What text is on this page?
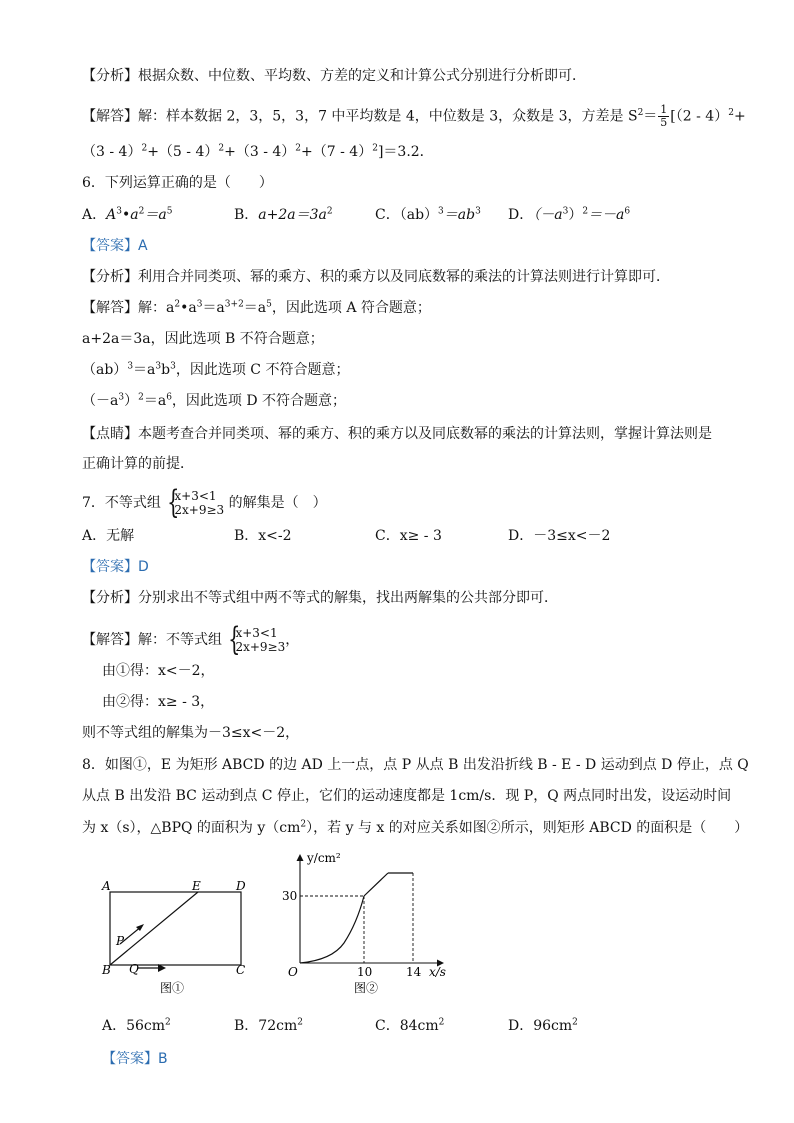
【分析】根据众数、中位数、平均数、方差的定义和计算公式分别进行分析即可．
【解答】解：样本数据 2，3，5，3，7 中平均数是 4，中位数是 3，众数是 3，方差是 $S^2= \frac{1}{5} [(2 - 4)^2+$
（3 - 4）$^2$+（5 - 4）$^2$+（3 - 4）$^2$+（7 - 4）$^2$]＝3.2．
6．下列运算正确的是（　　）
A．$A^3•a^2=a^5$	B．$a+2a=3a^2$	C．$(ab)^3=ab^3$ D．$(-a^3)^2=-a^6$
【答案】A
【分析】利用合并同类项、幂的乘方、积的乘方以及同底数幂的乘法的计算法则进行计算即可．
【解答】解：$a^2•a^3=a^{3+2}=a^5$，因此选项 A 符合题意；
a+2a＝3a，因此选项 B 不符合题意；
$(ab)^3=a^3b^3$，因此选项 C 不符合题意；
$(-a^3)^2=a^6$，因此选项 D 不符合题意；
【点睛】本题考查合并同类项、幂的乘方、积的乘方以及同底数幂的乘法的计算法则，掌握计算法则是
正确计算的前提．
7．不等式组 { x+3<1
2x+9≥3 的解集是（　）
A．无解	B．x<-2	C．x≥ - 3	D．－3≤x<－2
【答案】D
【分析】分别求出不等式组中两不等式的解集，找出两解集的公共部分即可．
【解答】解：不等式组 { x+3<1
2x+9≥3 ，
由①得：x<－2，
由②得：x≥ - 3，
则不等式组的解集为－3≤x<－2，
8．如图①，E 为矩形 ABCD 的边 AD 上一点，点 P 从点 B 出发沿折线 B - E - D 运动到点 D 停止，点 Q
从点 B 出发沿 BC 运动到点 C 停止，它们的运动速度都是 1cm/s．现 P，Q 两点同时出发，设运动时间
为 x（s），△BPQ 的面积为 $y(cm^2)$，若 y 与 x 的对应关系如图②所示，则矩形 ABCD 的面积是（　　）
A	E	D
B	C
P
Q
图①
y/cm²
x/s
O
30
10	14
图②
A．$56cm^2$	B．$72cm^2$	C．$84cm^2$	D．$96cm^2$
【答案】B
